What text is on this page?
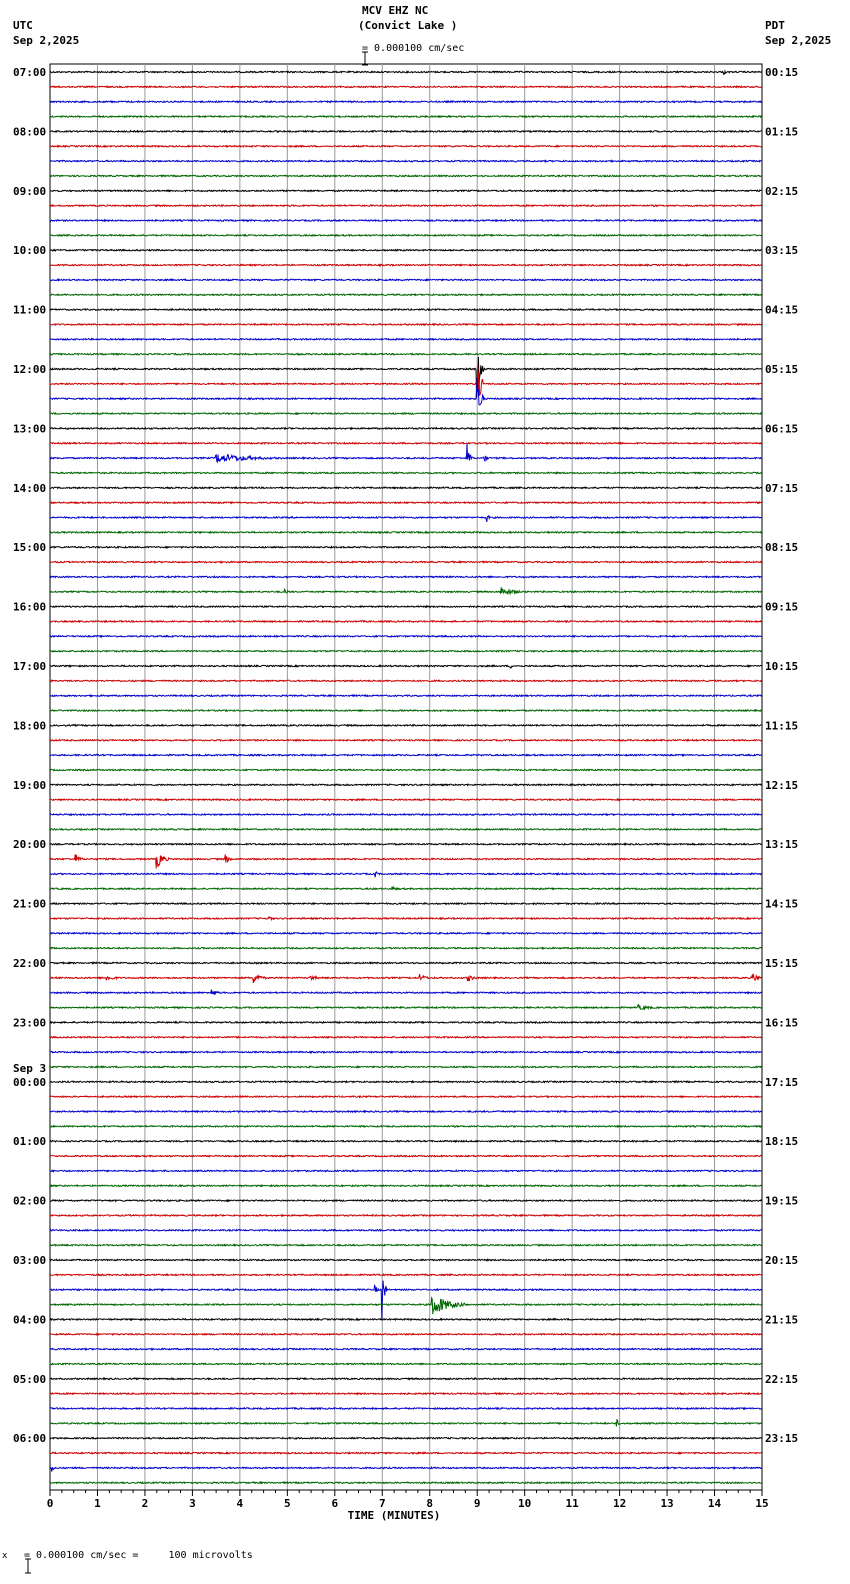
MCV EHZ NC
(Convict Lake )

= 0.000100 cm/sec
UTC
Sep 2,2025
PDT
Sep 2,2025
07:00
08:00
09:00
10:00
11:00
12:00
13:00
14:00
15:00
16:00
17:00
18:00
19:00
20:00
21:00
22:00
23:00
00:00
Sep 3
01:00
02:00
03:00
04:00
05:00
06:00
00:15
01:15
02:15
03:15
04:15
05:15
06:15
07:15
08:15
09:15
10:15
11:15
12:15
13:15
14:15
15:15
16:15
17:15
18:15
19:15
20:15
21:15
22:15
23:15
0	1	2	3	4	5	6	7	8	9	10	11	12	13	14	15
TIME (MINUTES)
x

= 0.000100 cm/sec =     100 microvolts
